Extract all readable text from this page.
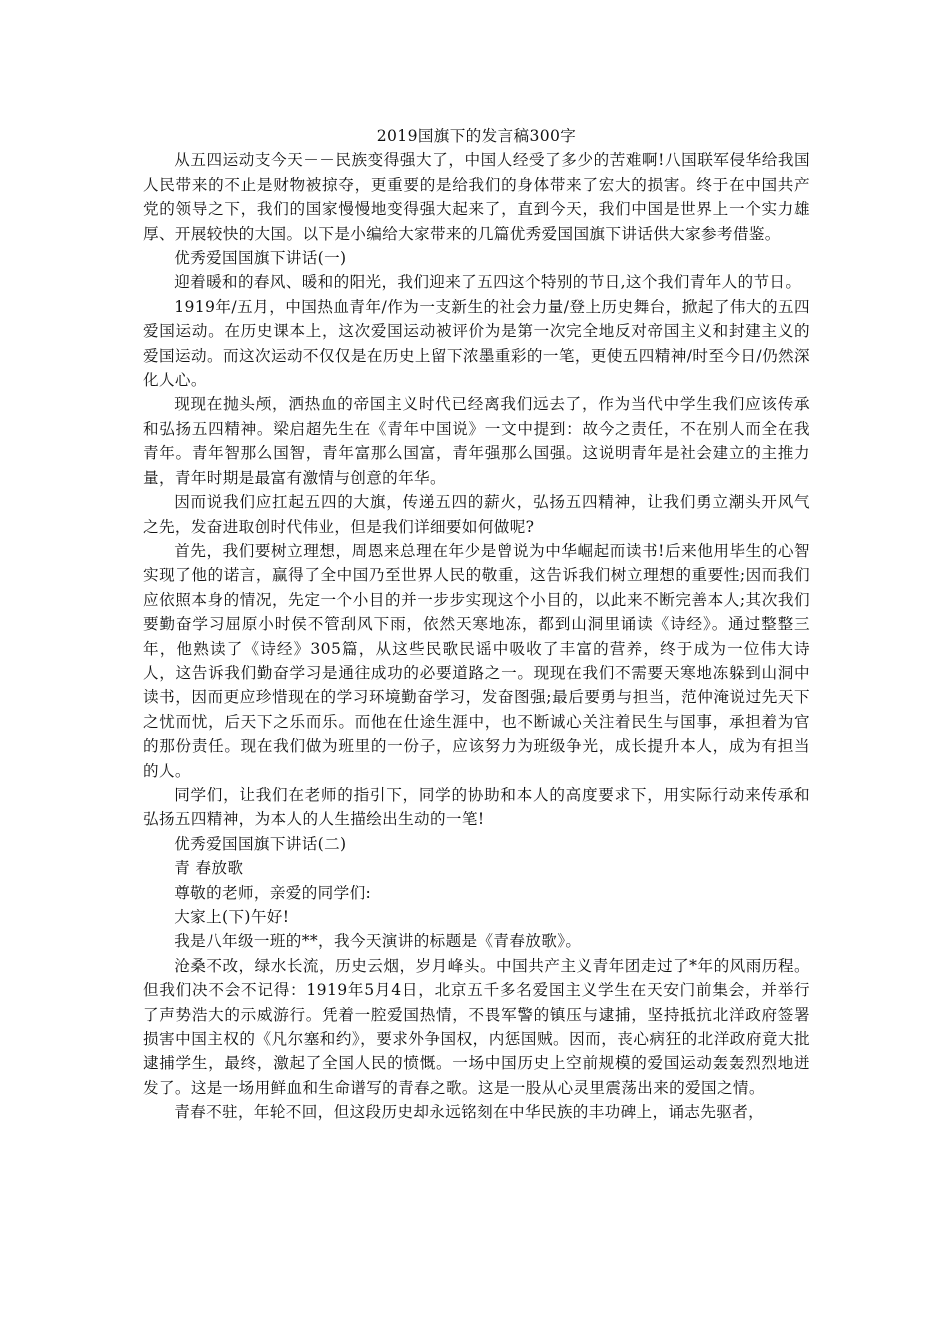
2019国旗下的发言稿300字

从五四运动支今天－－民族变得强大了，中国人经受了多少的苦难啊!八国联军侵华给我国人民带来的不止是财物被掠夺，更重要的是给我们的身体带来了宏大的损害。终于在中国共产党的领导之下，我们的国家慢慢地变得强大起来了，直到今天，我们中国是世界上一个实力雄厚、开展较快的大国。以下是小编给大家带来的几篇优秀爱国国旗下讲话供大家参考借鉴。

优秀爱国国旗下讲话(一)

迎着暖和的春风、暖和的阳光，我们迎来了五四这个特别的节日,这个我们青年人的节日。

1919年/五月，中国热血青年/作为一支新生的社会力量/登上历史舞台，掀起了伟大的五四爱国运动。在历史课本上，这次爱国运动被评价为是第一次完全地反对帝国主义和封建主义的爱国运动。而这次运动不仅仅是在历史上留下浓墨重彩的一笔，更使五四精神/时至今日/仍然深化人心。

现现在抛头颅，洒热血的帝国主义时代已经离我们远去了，作为当代中学生我们应该传承和弘扬五四精神。梁启超先生在《青年中国说》一文中提到：故今之责任，不在别人而全在我青年。青年智那么国智，青年富那么国富，青年强那么国强。这说明青年是社会建立的主推力量，青年时期是最富有激情与创意的年华。

因而说我们应扛起五四的大旗，传递五四的薪火，弘扬五四精神，让我们勇立潮头开风气之先，发奋进取创时代伟业，但是我们详细要如何做呢?

首先，我们要树立理想，周恩来总理在年少是曾说为中华崛起而读书!后来他用毕生的心智实现了他的诺言，赢得了全中国乃至世界人民的敬重，这告诉我们树立理想的重要性;因而我们应依照本身的情况，先定一个小目的并一步步实现这个小目的，以此来不断完善本人;其次我们要勤奋学习屈原小时侯不管刮风下雨，依然天寒地冻，都到山洞里诵读《诗经》。通过整整三年，他熟读了《诗经》305篇，从这些民歌民谣中吸收了丰富的营养，终于成为一位伟大诗人，这告诉我们勤奋学习是通往成功的必要道路之一。现现在我们不需要天寒地冻躲到山洞中读书，因而更应珍惜现在的学习环境勤奋学习，发奋图强;最后要勇与担当，范仲淹说过先天下之忧而忧，后天下之乐而乐。而他在仕途生涯中，也不断诚心关注着民生与国事，承担着为官的那份责任。现在我们做为班里的一份子，应该努力为班级争光，成长提升本人，成为有担当的人。

同学们，让我们在老师的指引下，同学的协助和本人的高度要求下，用实际行动来传承和弘扬五四精神，为本人的人生描绘出生动的一笔!

优秀爱国国旗下讲话(二)

青 春放歌

尊敬的老师，亲爱的同学们:

大家上(下)午好!

我是八年级一班的**，我今天演讲的标题是《青春放歌》。

沧桑不改，绿水长流，历史云烟，岁月峰头。中国共产主义青年团走过了*年的风雨历程。但我们决不会不记得：1919年5月4日，北京五千多名爱国主义学生在天安门前集会，并举行了声势浩大的示威游行。凭着一腔爱国热情，不畏军警的镇压与逮捕，坚持抵抗北洋政府签署损害中国主权的《凡尔塞和约》，要求外争国权，内惩国贼。因而，丧心病狂的北洋政府竟大批逮捕学生，最终，激起了全国人民的愤慨。一场中国历史上空前规模的爱国运动轰轰烈烈地迸发了。这是一场用鲜血和生命谱写的青春之歌。这是一股从心灵里震荡出来的爱国之情。

青春不驻，年轮不回，但这段历史却永远铭刻在中华民族的丰功碑上，诵志先驱者，
